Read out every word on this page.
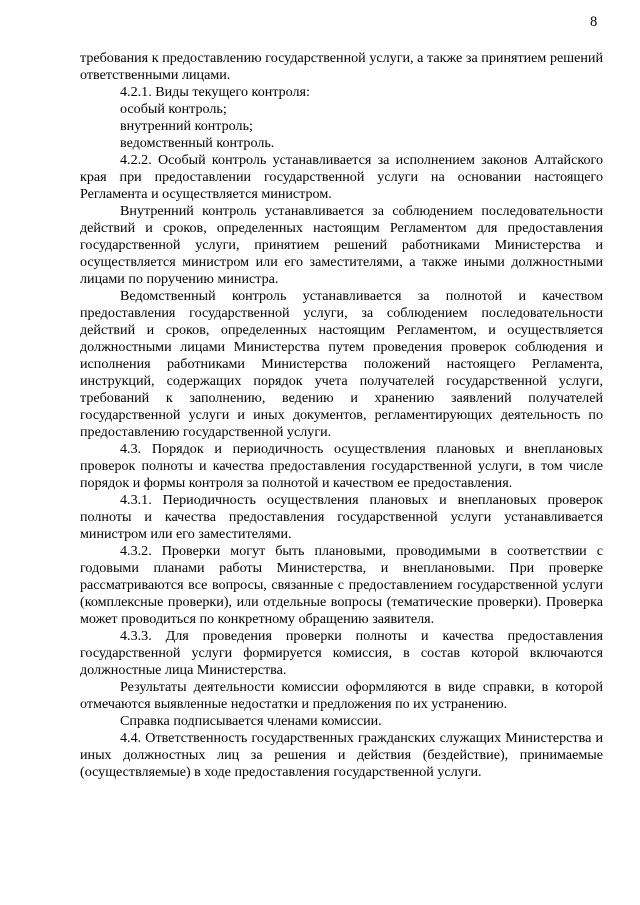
8

требования к предоставлению государственной услуги, а также за принятием решений ответственными лицами.

4.2.1. Виды текущего контроля:

особый контроль;

внутренний контроль;

ведомственный контроль.

4.2.2. Особый контроль устанавливается за исполнением законов Алтайского края при предоставлении государственной услуги на основании настоящего Регламента и осуществляется министром.

Внутренний контроль устанавливается за соблюдением последовательности действий и сроков, определенных настоящим Регламентом для предоставления государственной услуги, принятием решений работниками Министерства и осуществляется министром или его заместителями, а также иными должностными лицами по поручению министра.

Ведомственный контроль устанавливается за полнотой и качеством предоставления государственной услуги, за соблюдением последовательности действий и сроков, определенных настоящим Регламентом, и осуществляется должностными лицами Министерства путем проведения проверок соблюдения и исполнения работниками Министерства положений настоящего Регламента, инструкций, содержащих порядок учета получателей государственной услуги, требований к заполнению, ведению и хранению заявлений получателей государственной услуги и иных документов, регламентирующих деятельность по предоставлению государственной услуги.

4.3. Порядок и периодичность осуществления плановых и внеплановых проверок полноты и качества предоставления государственной услуги, в том числе порядок и формы контроля за полнотой и качеством ее предоставления.

4.3.1. Периодичность осуществления плановых и внеплановых проверок полноты и качества предоставления государственной услуги устанавливается министром или его заместителями.

4.3.2. Проверки могут быть плановыми, проводимыми в соответствии с годовыми планами работы Министерства, и внеплановыми. При проверке рассматриваются все вопросы, связанные с предоставлением государственной услуги (комплексные проверки), или отдельные вопросы (тематические проверки). Проверка может проводиться по конкретному обращению заявителя.

4.3.3. Для проведения проверки полноты и качества предоставления государственной услуги формируется комиссия, в состав которой включаются должностные лица Министерства.

Результаты деятельности комиссии оформляются в виде справки, в которой отмечаются выявленные недостатки и предложения по их устранению.

Справка подписывается членами комиссии.

4.4. Ответственность государственных гражданских служащих Министерства и иных должностных лиц за решения и действия (бездействие), принимаемые (осуществляемые) в ходе предоставления государственной услуги.
